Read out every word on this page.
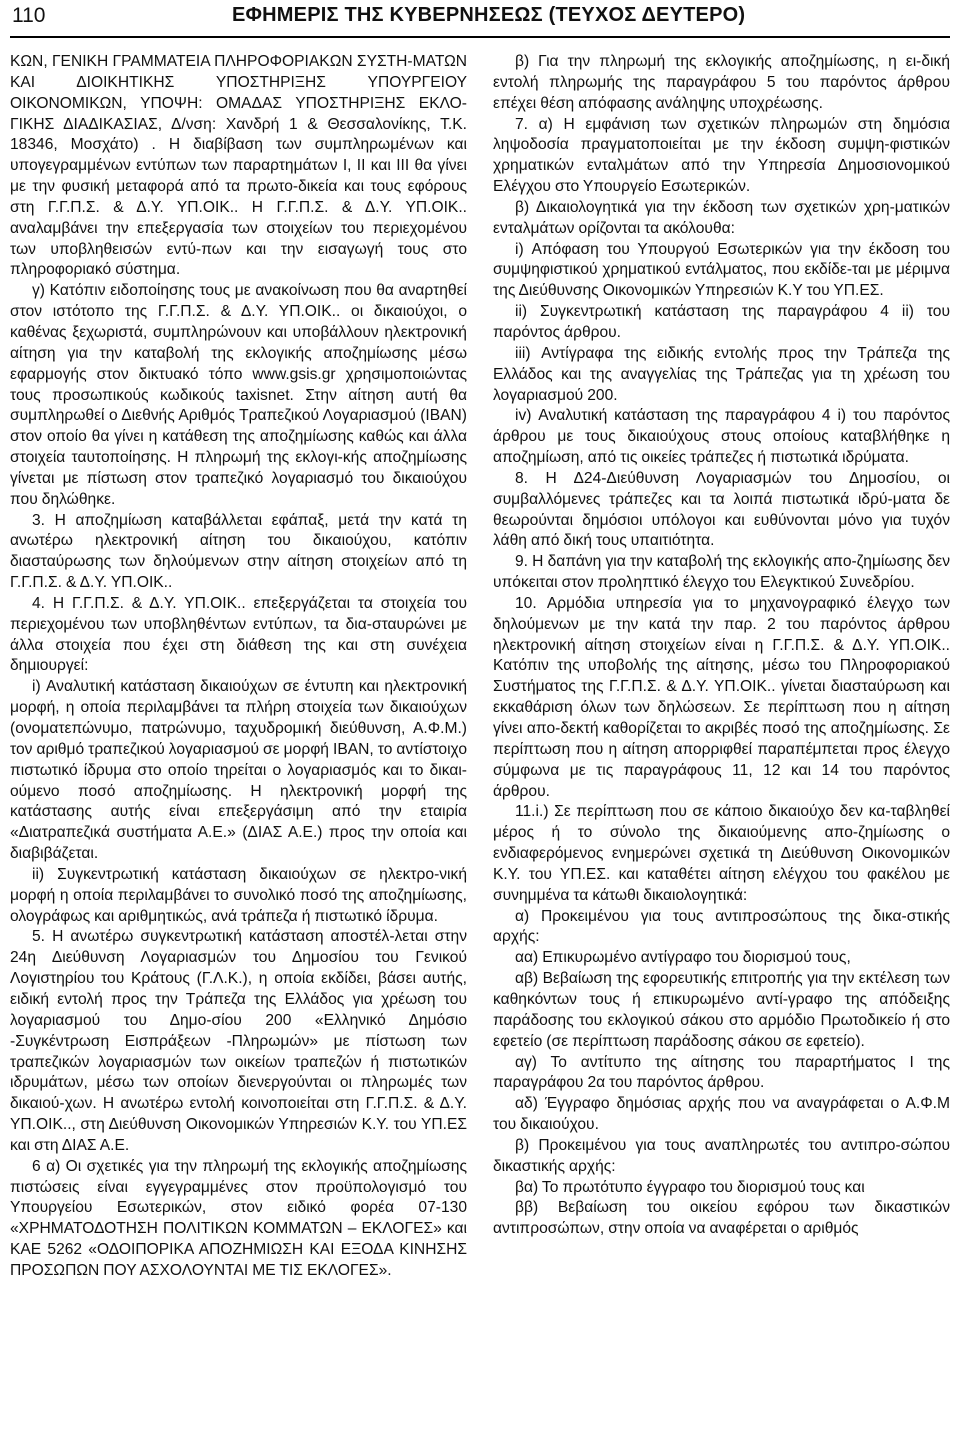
110	ΕΦΗΜΕΡΙΣ ΤΗΣ ΚΥΒΕΡΝΗΣΕΩΣ (ΤΕΥΧΟΣ ΔΕΥΤΕΡΟ)

ΚΩΝ, ΓΕΝΙΚΗ ΓΡΑΜΜΑΤΕΙΑ ΠΛΗΡΟΦΟΡΙΑΚΩΝ ΣΥΣΤΗ-ΜΑΤΩΝ ΚΑΙ ΔΙΟΙΚΗΤΙΚΗΣ ΥΠΟΣΤΗΡΙΞΗΣ ΥΠΟΥΡΓΕΙΟΥ ΟΙΚΟΝΟΜΙΚΩΝ, ΥΠΟΨΗ: ΟΜΑΔΑΣ ΥΠΟΣΤΗΡΙΞΗΣ ΕΚΛΟ-ΓΙΚΗΣ ΔΙΑΔΙΚΑΣΙΑΣ, Δ/νση: Χανδρή 1 & Θεσσαλονίκης, Τ.Κ. 18346, Μοσχάτο) . Η διαβίβαση των συμπληρωμένων και υπογεγραμμένων εντύπων των παραρτημάτων Ι, ΙΙ και ΙΙΙ θα γίνει με την φυσική μεταφορά από τα πρωτο-δικεία και τους εφόρους στη Γ.Γ.Π.Σ. & Δ.Υ. ΥΠ.ΟΙΚ.. Η Γ.Γ.Π.Σ. & Δ.Υ. ΥΠ.ΟΙΚ.. αναλαμβάνει την επεξεργασία των στοιχείων του περιεχομένου των υποβληθεισών εντύ-πων και την εισαγωγή τους στο πληροφοριακό σύστημα.

γ) Κατόπιν ειδοποίησης τους με ανακοίνωση που θα αναρτηθεί στον ιστότοπο της Γ.Γ.Π.Σ. & Δ.Υ. ΥΠ.ΟΙΚ.. οι δικαιούχοι, ο καθένας ξεχωριστά, συμπληρώνουν και υποβάλλουν ηλεκτρονική αίτηση για την καταβολή της εκλογικής αποζημίωσης μέσω εφαρμογής στον δικτυακό τόπο www.gsis.gr χρησιμοποιώντας τους προσωπικούς κωδικούς taxisnet. Στην αίτηση αυτή θα συμπληρωθεί ο Διεθνής Αριθμός Τραπεζικού Λογαριασμού (ΙΒΑΝ) στον οποίο θα γίνει η κατάθεση της αποζημίωσης καθώς και άλλα στοιχεία ταυτοποίησης. Η πληρωμή της εκλογι-κής αποζημίωσης γίνεται με πίστωση στον τραπεζικό λογαριασμό του δικαιούχου που δηλώθηκε.

3. Η αποζημίωση καταβάλλεται εφάπαξ, μετά την κατά τη ανωτέρω ηλεκτρονική αίτηση του δικαιούχου, κατόπιν διασταύρωσης των δηλούμενων στην αίτηση στοιχείων από τη Γ.Γ.Π.Σ. & Δ.Υ. ΥΠ.ΟΙΚ..

4. Η Γ.Γ.Π.Σ. & Δ.Υ. ΥΠ.ΟΙΚ.. επεξεργάζεται τα στοιχεία του περιεχομένου των υποβληθέντων εντύπων, τα δια-σταυρώνει με άλλα στοιχεία που έχει στη διάθεση της και στη συνέχεια δημιουργεί:

i) Αναλυτική κατάσταση δικαιούχων σε έντυπη και ηλεκτρονική μορφή, η οποία περιλαμβάνει τα πλήρη στοιχεία των δικαιούχων (ονοματεπώνυμο, πατρώνυμο, ταχυδρομική διεύθυνση, Α.Φ.Μ.) τον αριθμό τραπεζικού λογαριασμού σε μορφή ΙΒΑΝ, το αντίστοιχο πιστωτικό ίδρυμα στο οποίο τηρείται ο λογαριασμός και το δικαι-ούμενο ποσό αποζημίωσης. Η ηλεκτρονική μορφή της κατάστασης αυτής είναι επεξεργάσιμη από την εταιρία «Διατραπεζικά συστήματα Α.Ε.» (ΔΙΑΣ Α.Ε.) προς την οποία και διαβιβάζεται.

ii) Συγκεντρωτική κατάσταση δικαιούχων σε ηλεκτρο-νική μορφή η οποία περιλαμβάνει το συνολικό ποσό της αποζημίωσης, ολογράφως και αριθμητικώς, ανά τράπεζα ή πιστωτικό ίδρυμα.

5. Η ανωτέρω συγκεντρωτική κατάσταση αποστέλ-λεται στην 24η Διεύθυνση Λογαριασμών του Δημοσίου του Γενικού Λογιστηρίου του Κράτους (Γ.Λ.Κ.), η οποία εκδίδει, βάσει αυτής, ειδική εντολή προς την Τράπεζα της Ελλάδος για χρέωση του λογαριασμού του Δημο-σίου 200 «Ελληνικό Δημόσιο -Συγκέντρωση Εισπράξεων -Πληρωμών» με πίστωση των τραπεζικών λογαριασμών των οικείων τραπεζών ή πιστωτικών ιδρυμάτων, μέσω των οποίων διενεργούνται οι πληρωμές των δικαιού-χων. Η ανωτέρω εντολή κοινοποιείται στη Γ.Γ.Π.Σ. & Δ.Υ. ΥΠ.ΟΙΚ.., στη Διεύθυνση Οικονομικών Υπηρεσιών Κ.Υ. του ΥΠ.ΕΣ και στη ΔΙΑΣ Α.Ε.

6 α) Οι σχετικές για την πληρωμή της εκλογικής αποζημίωσης πιστώσεις είναι εγγεγραμμένες στον προϋπολογισμό του Υπουργείου Εσωτερικών, στον ειδικό φορέα 07-130 «ΧΡΗΜΑΤΟΔΟΤΗΣΗ ΠΟΛΙΤΙΚΩΝ ΚΟΜΜΑΤΩΝ – ΕΚΛΟΓΕΣ» και ΚΑΕ 5262 «ΟΔΟΙΠΟΡΙΚΑ ΑΠΟΖΗΜΙΩΣΗ ΚΑΙ ΕΞΟΔΑ ΚΙΝΗΣΗΣ ΠΡΟΣΩΠΩΝ ΠΟΥ ΑΣΧΟΛΟΥΝΤΑΙ ΜΕ ΤΙΣ ΕΚΛΟΓΕΣ».

β) Για την πληρωμή της εκλογικής αποζημίωσης, η ει-δική εντολή πληρωμής της παραγράφου 5 του παρόντος άρθρου επέχει θέση απόφασης ανάληψης υποχρέωσης.

7. α) Η εμφάνιση των σχετικών πληρωμών στη δημόσια ληψοδοσία πραγματοποιείται με την έκδοση συμψη-φιστικών χρηματικών ενταλμάτων από την Υπηρεσία Δημοσιονομικού Ελέγχου στο Υπουργείο Εσωτερικών.

β) Δικαιολογητικά για την έκδοση των σχετικών χρη-ματικών ενταλμάτων ορίζονται τα ακόλουθα:

i) Απόφαση του Υπουργού Εσωτερικών για την έκδοση του συμψηφιστικού χρηματικού εντάλματος, που εκδίδε-ται με μέριμνα της Διεύθυνσης Οικονομικών Υπηρεσιών Κ.Υ του ΥΠ.ΕΣ.

ii) Συγκεντρωτική κατάσταση της παραγράφου 4 ii) του παρόντος άρθρου.

iii) Αντίγραφα της ειδικής εντολής προς την Τράπεζα της Ελλάδος και της αναγγελίας της Τράπεζας για τη χρέωση του λογαριασμού 200.

iv) Αναλυτική κατάσταση της παραγράφου 4 i) του παρόντος άρθρου με τους δικαιούχους στους οποίους καταβλήθηκε η αποζημίωση, από τις οικείες τράπεζες ή πιστωτικά ιδρύματα.

8. Η Δ24-Διεύθυνση Λογαριασμών του Δημοσίου, οι συμβαλλόμενες τράπεζες και τα λοιπά πιστωτικά ιδρύ-ματα δε θεωρούνται δημόσιοι υπόλογοι και ευθύνονται μόνο για τυχόν λάθη από δική τους υπαιτιότητα.

9. Η δαπάνη για την καταβολή της εκλογικής απο-ζημίωσης δεν υπόκειται στον προληπτικό έλεγχο του Ελεγκτικού Συνεδρίου.

10. Αρμόδια υπηρεσία για το μηχανογραφικό έλεγχο των δηλούμενων με την κατά την παρ. 2 του παρόντος άρθρου ηλεκτρονική αίτηση στοιχείων είναι η Γ.Γ.Π.Σ. & Δ.Υ. ΥΠ.ΟΙΚ.. Κατόπιν της υποβολής της αίτησης, μέσω του Πληροφοριακού Συστήματος της Γ.Γ.Π.Σ. & Δ.Υ. ΥΠ.ΟΙΚ.. γίνεται διασταύρωση και εκκαθάριση όλων των δηλώσεων. Σε περίπτωση που η αίτηση γίνει απο-δεκτή καθορίζεται το ακριβές ποσό της αποζημίωσης. Σε περίπτωση που η αίτηση απορριφθεί παραπέμπεται προς έλεγχο σύμφωνα με τις παραγράφους 11, 12 και 14 του παρόντος άρθρου.

11.i.) Σε περίπτωση που σε κάποιο δικαιούχο δεν κα-ταβληθεί μέρος ή το σύνολο της δικαιούμενης απο-ζημίωσης ο ενδιαφερόμενος ενημερώνει σχετικά τη Διεύθυνση Οικονομικών Κ.Υ. του ΥΠ.ΕΣ. και καταθέτει αίτηση ελέγχου του φακέλου με συνημμένα τα κάτωθι δικαιολογητικά:

α) Προκειμένου για τους αντιπροσώπους της δικα-στικής αρχής:

αα) Επικυρωμένο αντίγραφο του διορισμού τους,

αβ) Βεβαίωση της εφορευτικής επιτροπής για την εκτέλεση των καθηκόντων τους ή επικυρωμένο αντί-γραφο της απόδειξης παράδοσης του εκλογικού σάκου στο αρμόδιο Πρωτοδικείο ή στο εφετείο (σε περίπτωση παράδοσης σάκου σε εφετείο).

αγ) Το αντίτυπο της αίτησης του παραρτήματος Ι της παραγράφου 2α του παρόντος άρθρου.

αδ) Έγγραφο δημόσιας αρχής που να αναγράφεται ο Α.Φ.Μ του δικαιούχου.

β) Προκειμένου για τους αναπληρωτές του αντιπρο-σώπου δικαστικής αρχής:

βα) Το πρωτότυπο έγγραφο του διορισμού τους και

ββ) Βεβαίωση του οικείου εφόρου των δικαστικών αντιπροσώπων, στην οποία να αναφέρεται ο αριθμός
